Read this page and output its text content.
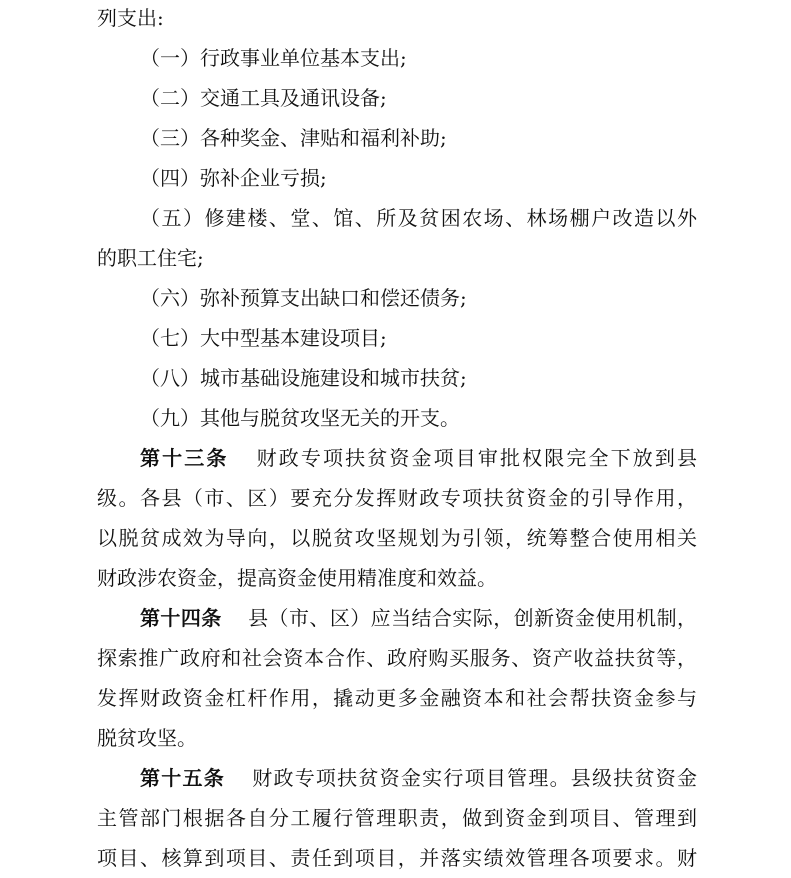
列支出:
（一）行政事业单位基本支出;
（二）交通工具及通讯设备;
（三）各种奖金、津贴和福利补助;
（四）弥补企业亏损;
（五）修建楼、堂、馆、所及贫困农场、林场棚户改造以外
的职工住宅;
（六）弥补预算支出缺口和偿还债务;
（七）大中型基本建设项目;
（八）城市基础设施建设和城市扶贫;
（九）其他与脱贫攻坚无关的开支。
第十三条 财政专项扶贫资金项目审批权限完全下放到县
级。各县（市、区）要充分发挥财政专项扶贫资金的引导作用，
以脱贫成效为导向，以脱贫攻坚规划为引领，统筹整合使用相关
财政涉农资金，提高资金使用精准度和效益。
第十四条 县（市、区）应当结合实际，创新资金使用机制，
探索推广政府和社会资本合作、政府购买服务、资产收益扶贫等，
发挥财政资金杠杆作用，撬动更多金融资本和社会帮扶资金参与
脱贫攻坚。
第十五条 财政专项扶贫资金实行项目管理。县级扶贫资金
主管部门根据各自分工履行管理职责，做到资金到项目、管理到
项目、核算到项目、责任到项目，并落实绩效管理各项要求。财
